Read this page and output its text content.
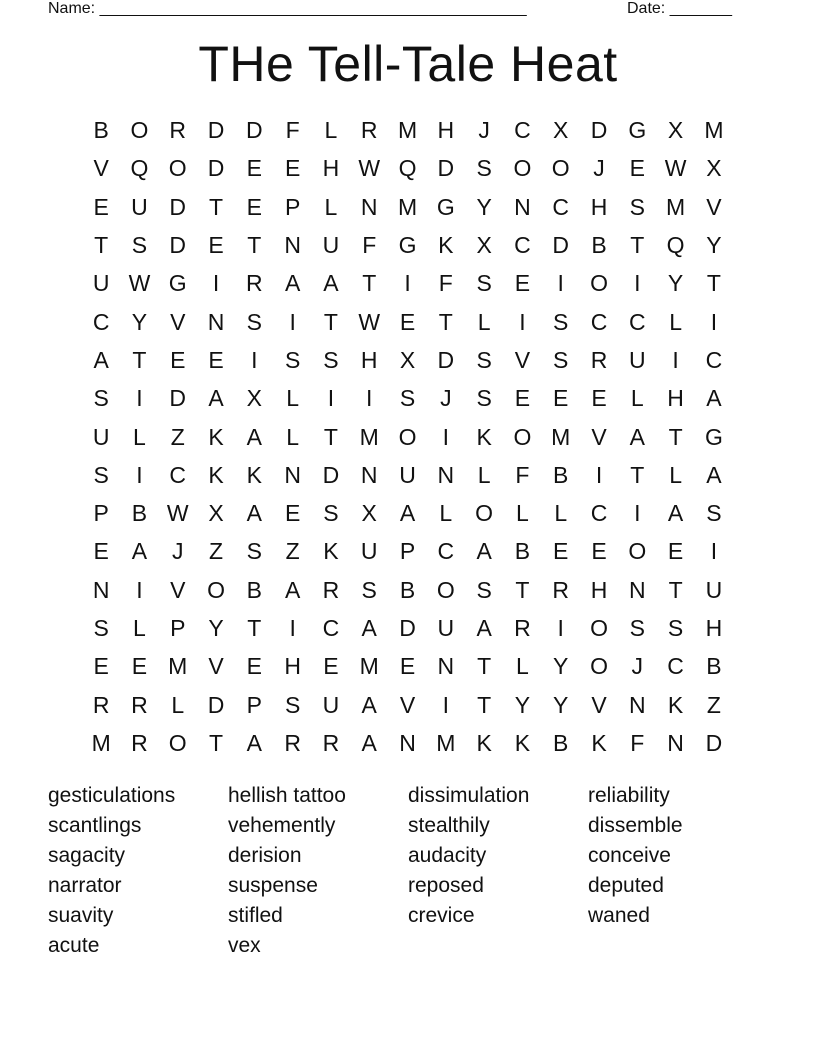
Name: ________________________________________________	Date: _______
THe Tell-Tale Heat
B O R D D F	L	R M H	J	C X D G X M
V Q O D E E H W Q D S O O	J	E W X
E U D T	E P	L	N M G Y N C H S M V
T	S D E	T N U F G K X C D B	T Q Y
U W G	I	R A A	T	I	F	S E	I	O	I	Y	T
C Y V N S	I	T W E	T	L	I	S C C	L	I
A	T	E E	I	S S H X D S V S R U	I	C
S	I	D A X	L	I	I	S	J	S E E E	L	H A
U	L	Z	K A	L	T M O	I	K O M V A	T G
S	I	C K K N D N U N	L	F	B	I	T	L	A
P B W X A E S X A	L O L	L	C	I	A S
E A	J	Z	S	Z	K U P C A B E E O E	I
N	I	V O B A R S B O S	T R H N T U
S	L	P Y	T	I	C A D U A R	I	O S S H
E E M V E H E M E N T	L	Y O	J	C B
R R	L	D P S U A V	I	T	Y Y V N K	Z
M R O T	A R R A N M K K B K	F N D
gesticulations
scantlings
sagacity
narrator
suavity
acute
hellish tattoo
vehemently
derision
suspense
stifled
vex
dissimulation
stealthily
audacity
reposed
crevice
reliability
dissemble
conceive
deputed
waned
